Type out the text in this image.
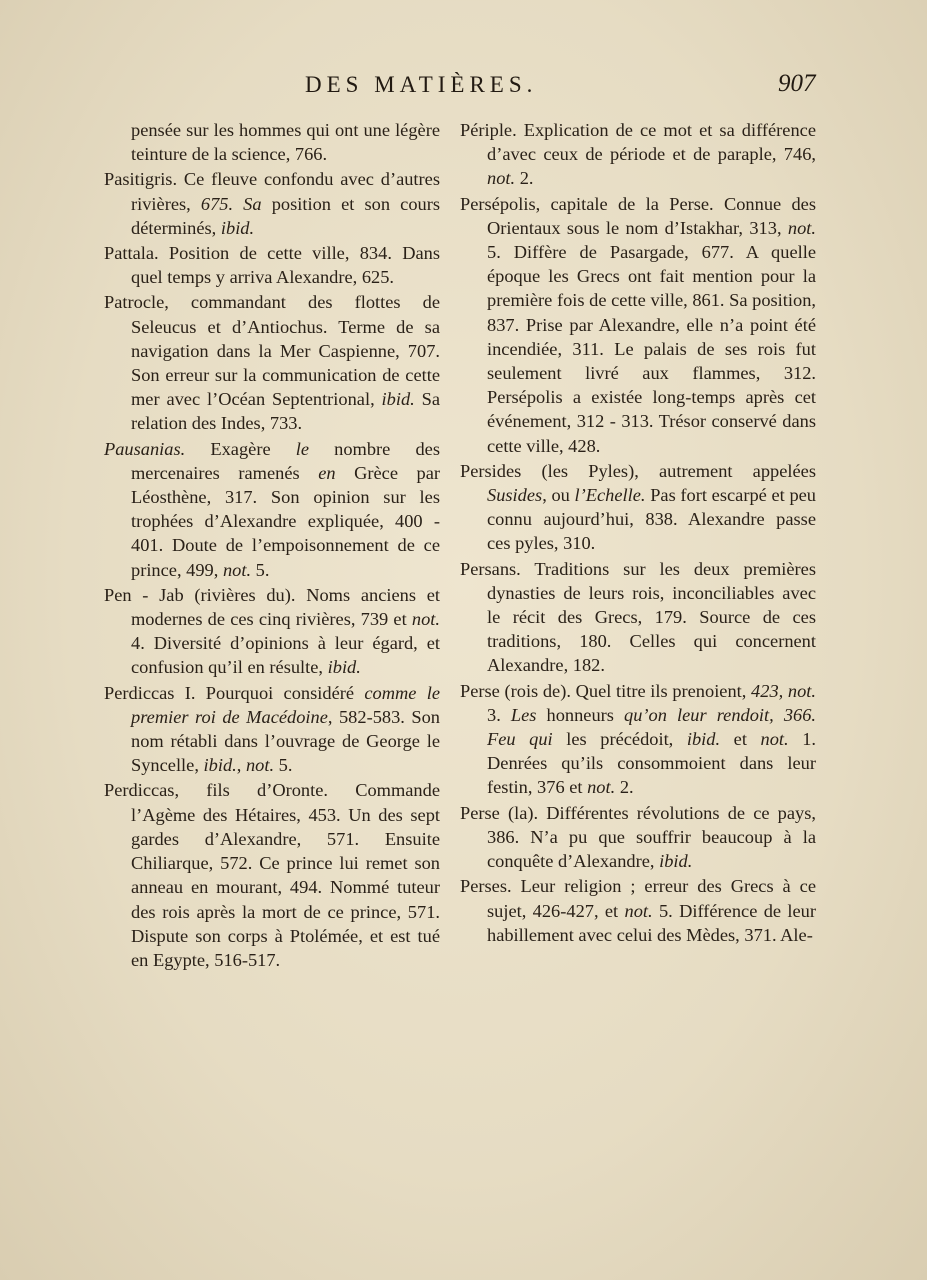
DES MATIÈRES.	907

pensée sur les hommes qui ont une légère teinture de la science, 766.

Pasitigris. Ce fleuve confondu avec d’autres rivières, 675. Sa position et son cours déterminés, ibid.

Pattala. Position de cette ville, 834. Dans quel temps y arriva Alexandre, 625.

Patrocle, commandant des flottes de Seleucus et d’Antiochus. Terme de sa navigation dans la Mer Caspienne, 707. Son erreur sur la communication de cette mer avec l’Océan Septentrional, ibid. Sa relation des Indes, 733.

Pausanias. Exagère le nombre des mercenaires ramenés en Grèce par Léosthène, 317. Son opinion sur les trophées d’Alexandre expliquée, 400 - 401. Doute de l’empoisonnement de ce prince, 499, not. 5.

Pen - Jab (rivières du). Noms anciens et modernes de ces cinq rivières, 739 et not. 4. Diversité d’opinions à leur égard, et confusion qu’il en résulte, ibid.

Perdiccas I. Pourquoi considéré comme le premier roi de Macédoine, 582-583. Son nom rétabli dans l’ouvrage de George le Syncelle, ibid., not. 5.

Perdiccas, fils d’Oronte. Commande l’Agème des Hétaires, 453. Un des sept gardes d’Alexandre, 571. Ensuite Chiliarque, 572. Ce prince lui remet son anneau en mourant, 494. Nommé tuteur des rois après la mort de ce prince, 571. Dispute son corps à Ptolémée, et est tué en Egypte, 516-517.

Périple. Explication de ce mot et sa différence d’avec ceux de période et de paraple, 746, not. 2.

Persépolis, capitale de la Perse. Connue des Orientaux sous le nom d’Istakhar, 313, not. 5. Diffère de Pasargade, 677. A quelle époque les Grecs ont fait mention pour la première fois de cette ville, 861. Sa position, 837. Prise par Alexandre, elle n’a point été incendiée, 311. Le palais de ses rois fut seulement livré aux flammes, 312. Persépolis a existée long-temps après cet événement, 312 - 313. Trésor conservé dans cette ville, 428.

Persides (les Pyles), autrement appelées Susides, ou l’Echelle. Pas fort escarpé et peu connu aujourd’hui, 838. Alexandre passe ces pyles, 310.

Persans. Traditions sur les deux premières dynasties de leurs rois, inconciliables avec le récit des Grecs, 179. Source de ces traditions, 180. Celles qui concernent Alexandre, 182.

Perse (rois de). Quel titre ils prenoient, 423, not. 3. Les honneurs qu’on leur rendoit, 366. Feu qui les précédoit, ibid. et not. 1. Denrées qu’ils consommoient dans leur festin, 376 et not. 2.

Perse (la). Différentes révolutions de ce pays, 386. N’a pu que souffrir beaucoup à la conquête d’Alexandre, ibid.

Perses. Leur religion ; erreur des Grecs à ce sujet, 426-427, et not. 5. Différence de leur habillement avec celui des Mèdes, 371. Ale-
